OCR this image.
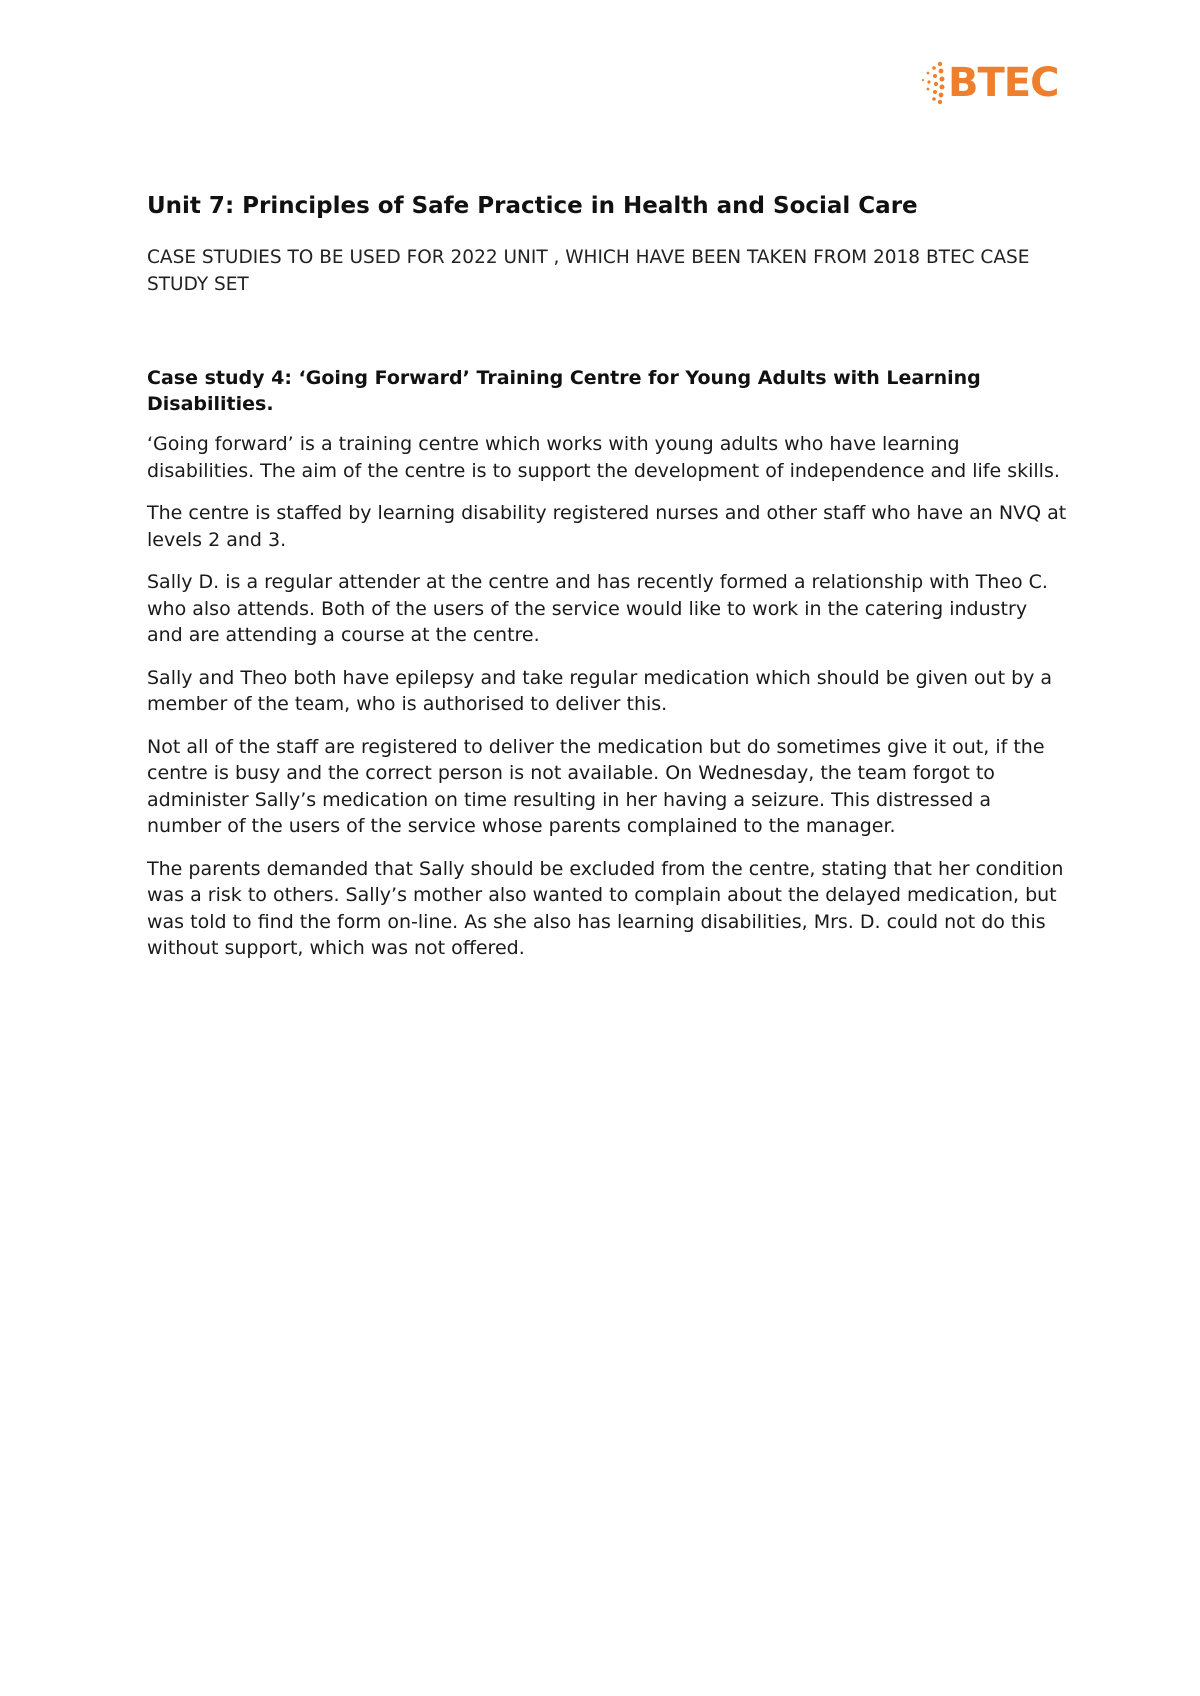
BTEC
Unit 7: Principles of Safe Practice in Health and Social Care

CASE STUDIES TO BE USED FOR 2022 UNIT , WHICH HAVE BEEN TAKEN FROM 2018 BTEC CASE STUDY SET

Case study 4: ‘Going Forward’ Training Centre for Young Adults with Learning Disabilities.

‘Going forward’ is a training centre which works with young adults who have learning disabilities. The aim of the centre is to support the development of independence and life skills.

The centre is staffed by learning disability registered nurses and other staff who have an NVQ at levels 2 and 3.

Sally D. is a regular attender at the centre and has recently formed a relationship with Theo C. who also attends. Both of the users of the service would like to work in the catering industry and are attending a course at the centre.

Sally and Theo both have epilepsy and take regular medication which should be given out by a member of the team, who is authorised to deliver this.

Not all of the staff are registered to deliver the medication but do sometimes give it out, if the centre is busy and the correct person is not available. On Wednesday, the team forgot to administer Sally’s medication on time resulting in her having a seizure. This distressed a number of the users of the service whose parents complained to the manager.

The parents demanded that Sally should be excluded from the centre, stating that her condition was a risk to others. Sally’s mother also wanted to complain about the delayed medication, but was told to find the form on-line. As she also has learning disabilities, Mrs. D. could not do this without support, which was not offered.
